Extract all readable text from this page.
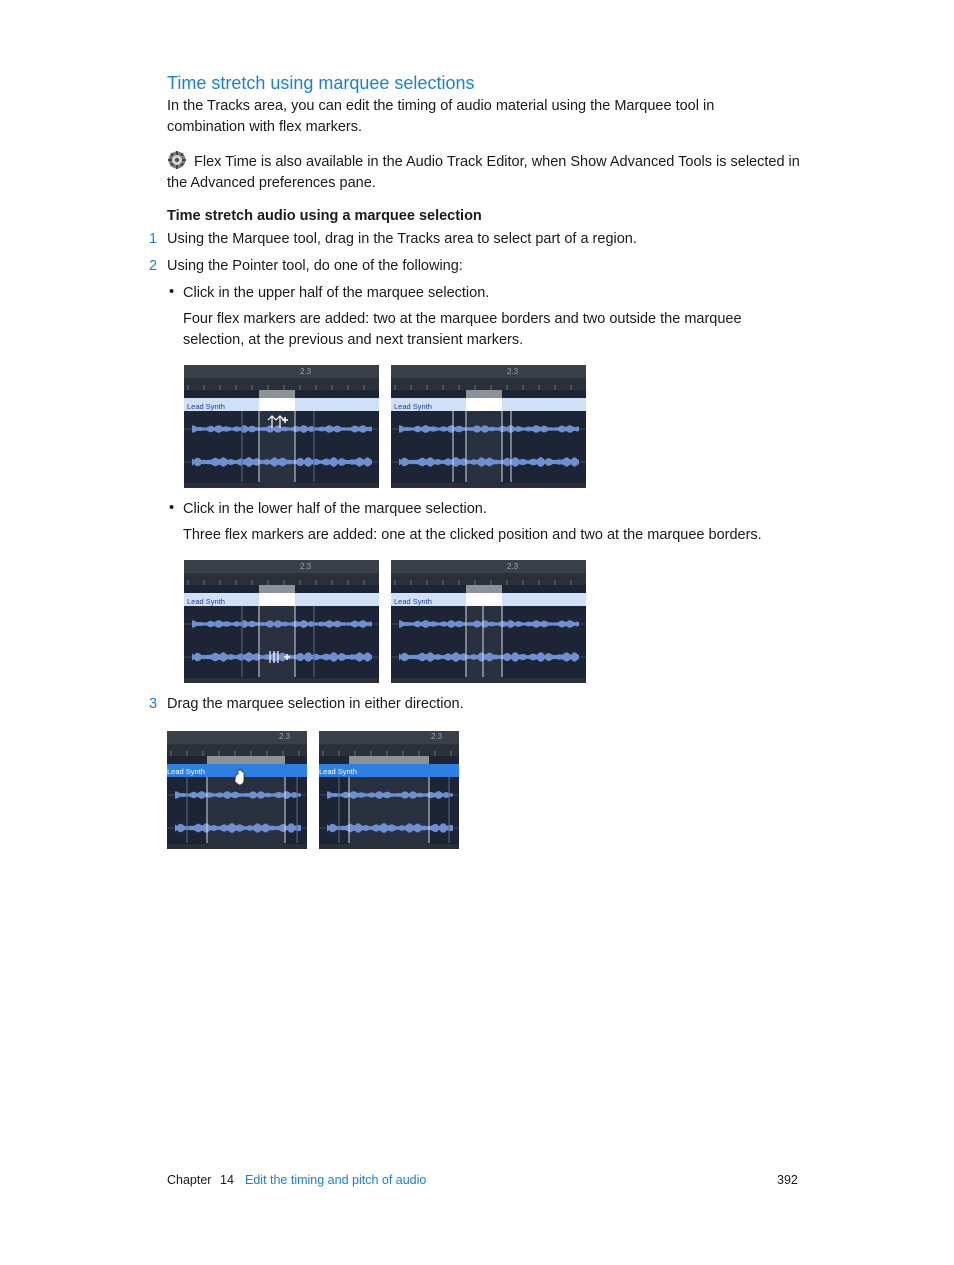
Time stretch using marquee selections
In the Tracks area, you can edit the timing of audio material using the Marquee tool in
combination with flex markers.
Flex Time is also available in the Audio Track Editor, when Show Advanced Tools is selected in
the Advanced preferences pane.
Time stretch audio using a marquee selection
1 Using the Marquee tool, drag in the Tracks area to select part of a region.
2 Using the Pointer tool, do one of the following:
• Click in the upper half of the marquee selection.
Four flex markers are added: two at the marquee borders and two outside the marquee
selection, at the previous and next transient markers.
2.3
Lead Synth
2.3
Lead Synth
• Click in the lower half of the marquee selection.
Three flex markers are added: one at the clicked position and two at the marquee borders.
2.3
Lead Synth
2.3
Lead Synth
3 Drag the marquee selection in either direction.
2.3
Lead Synth
2.3
Lead Synth
Chapter 14 Edit the timing and pitch of audio	392
